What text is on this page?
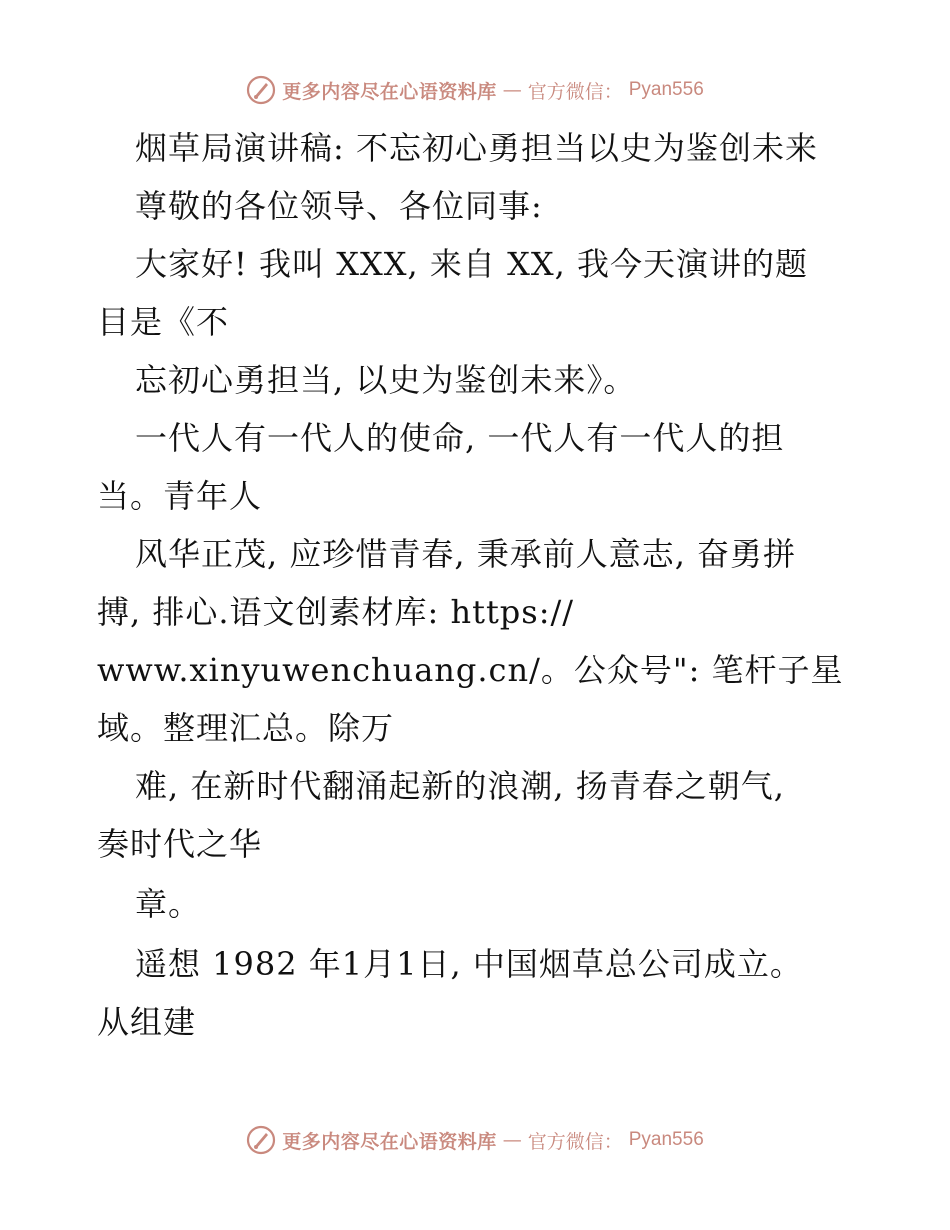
更多内容尽在心语资料库 — 官方微信： Pyan556
烟草局演讲稿: 不忘初心勇担当以史为鉴创未来
尊敬的各位领导、各位同事:
大家好! 我叫 XXX, 来自 XX, 我今天演讲的题
目是《不
忘初心勇担当, 以史为鉴创未来》。
一代人有一代人的使命, 一代人有一代人的担
当。青年人
风华正茂, 应珍惜青春, 秉承前人意志, 奋勇拼
搏, 排心.语文创素材库: https://
www.xinyuwenchuang.cn/。公众号": 笔杆子星
域。整理汇总。除万
难, 在新时代翻涌起新的浪潮, 扬青春之朝气,
奏时代之华
章。
遥想 1982 年1月1日, 中国烟草总公司成立。
从组建
更多内容尽在心语资料库 — 官方微信： Pyan556
